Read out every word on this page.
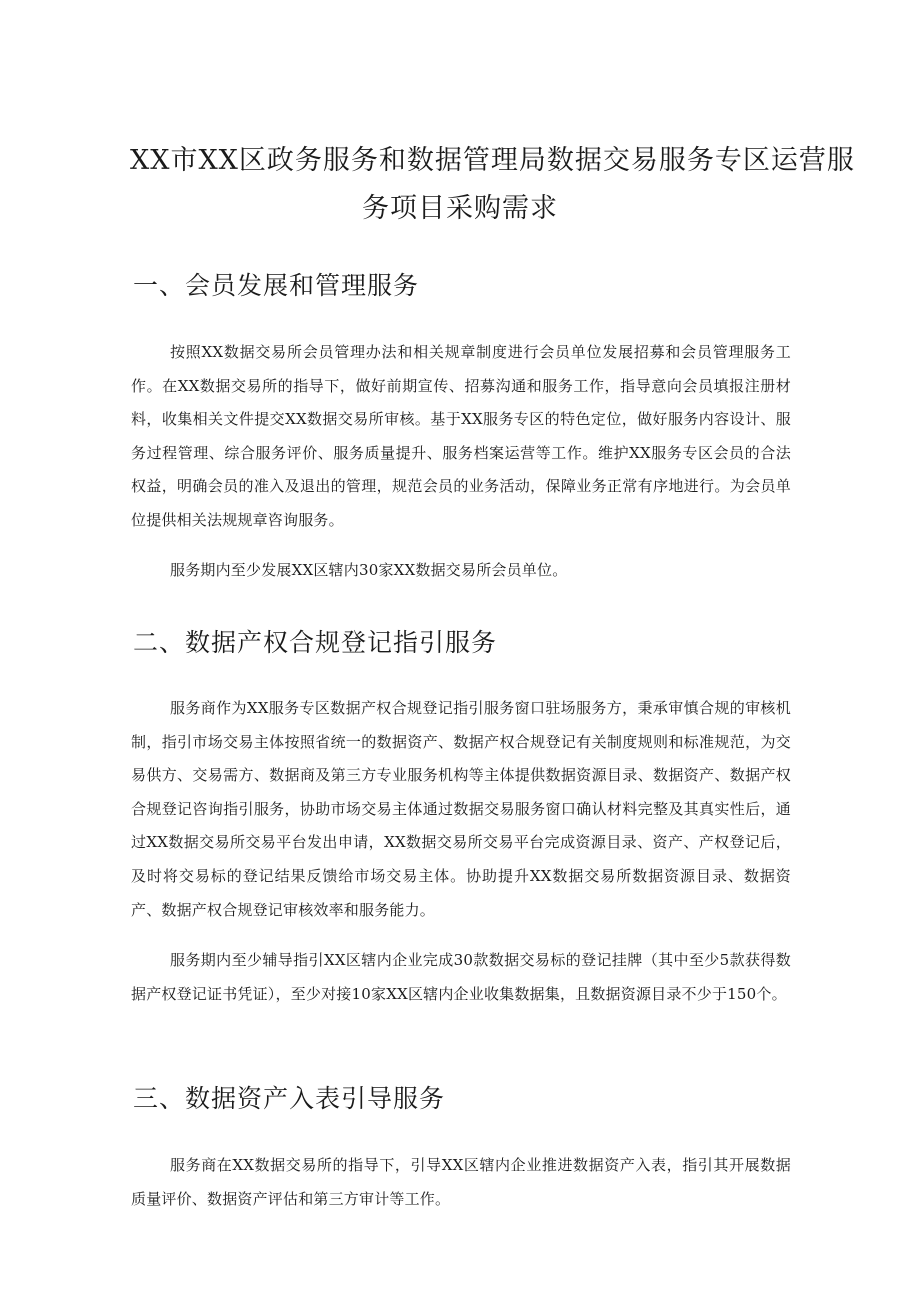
XX市XX区政务服务和数据管理局数据交易服务专区运营服
务项目采购需求
一、会员发展和管理服务

按照XX数据交易所会员管理办法和相关规章制度进行会员单位发展招募和会员管理服务工作。在XX数据交易所的指导下，做好前期宣传、招募沟通和服务工作，指导意向会员填报注册材料，收集相关文件提交XX数据交易所审核。基于XX服务专区的特色定位，做好服务内容设计、服务过程管理、综合服务评价、服务质量提升、服务档案运营等工作。维护XX服务专区会员的合法权益，明确会员的准入及退出的管理，规范会员的业务活动，保障业务正常有序地进行。为会员单位提供相关法规规章咨询服务。

服务期内至少发展XX区辖内30家XX数据交易所会员单位。

二、数据产权合规登记指引服务

服务商作为XX服务专区数据产权合规登记指引服务窗口驻场服务方，秉承审慎合规的审核机制，指引市场交易主体按照省统一的数据资产、数据产权合规登记有关制度规则和标准规范，为交易供方、交易需方、数据商及第三方专业服务机构等主体提供数据资源目录、数据资产、数据产权合规登记咨询指引服务，协助市场交易主体通过数据交易服务窗口确认材料完整及其真实性后，通过XX数据交易所交易平台发出申请，XX数据交易所交易平台完成资源目录、资产、产权登记后，及时将交易标的登记结果反馈给市场交易主体。协助提升XX数据交易所数据资源目录、数据资产、数据产权合规登记审核效率和服务能力。

服务期内至少辅导指引XX区辖内企业完成30款数据交易标的登记挂牌（其中至少5款获得数据产权登记证书凭证），至少对接10家XX区辖内企业收集数据集，且数据资源目录不少于150个。

三、数据资产入表引导服务

服务商在XX数据交易所的指导下，引导XX区辖内企业推进数据资产入表，指引其开展数据质量评价、数据资产评估和第三方审计等工作。
